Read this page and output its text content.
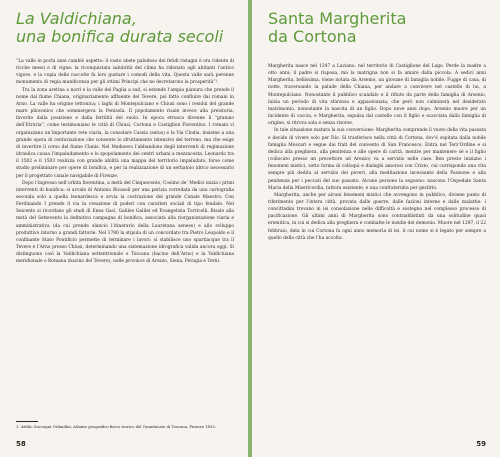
La Valdichiana,
una bonifica durata secoli

“La valle in pochi anni cambiò aspetto: il vasto abete paludoso dei fetidi ristagni è ora ridente di ricche messi e di vigne: la riconquistata salubrità del clima ha ridonato agli abitanti l’antico vigore, e la copia delle raccolte fa loro gustare i comodi della vita. Questa valle sarà perenne monumento di regia munificenza per gli ottimi Principi che ne decretarono la prosperità”¹.

Tra la zona aretina a nord e la valle del Paglia a sud, si estende l’ampia pianura che prende il nome dal fiume Chiana, originariamente affluente del Tevere, poi fatto confluire dai romani in Arno. La valle ha origine tettonica; i laghi di Montepulciano e Chiusi sono i residui del grande mare pliocenico che sommergeva la Penisola. Il popolamento risale invece alla preistoria, favorito dalla posizione e dalla fertilità del suolo. In epoca etrusca divenne il “granaio dell’Etruria”, come testimoniano le città di Chiusi, Cortona e Castiglion Fiorentino. I romani vi organizzano un’importante rete viaria, la consolare Cassia (setus) e la Via Clodia, insieme a una grande opera di centuriazione che consente lo sfruttamento intensivo del terreno, ma che esige di invertire il corso del fiume Clanis. Nel Medioevo l’abbandono degli interventi di regimazione idraulica causa l’impaludamento e lo spopolamento dei centri urbani a mezzacosta. Leonardo tra il 1502 e il 1503 realizza con grande abilità una mappa del territorio impaludato, forse come studio preliminare per opere di bonifica, e per la realizzazione di un serbatoio idrico necessario per il progettato canale navigabile di Firenze.

Dopo l’ingresso nell’orbita fiorentina, a metà del Cinquecento, Cosimo de’ Medici inizia i primi interventi di bonifica: si avvale di Antonio Ricasoli per una perizia corredata da una cartografia seconda solo a quella leonardesca e avvia la costruzione del grande Canale Maestro. Con Ferdinando I prende il via la creazione di poderi con caratteri sociali di tipo feudale. Nel Seicento si ricordano gli studi di Enea Gaci, Galileo Galilei ed Evangelista Torricelli. Risale alla metà del Settecento la definitiva campagna di bonifica, associata alla riorganizzazione viaria e amministrativa (da cui prende slancio l’itinerario della Lauretana senese) e allo sviluppo produttivo intorno a grandi fattorie. Nel 1780 la stipula di un concordato tra Pietro Leopoldo e il confinante Stato Pontificio permette di terminare i lavori: si stabilisce uno spartiacque tra il Tevere e l’Arno presso Chiusi, determinando una sistemazione idrografica valida ancora oggi. Si distinguono così la Valdichiana settentrionale o Toscana (bacino dell’Arno) e la Valdichiana meridionale o Romana (bacino del Tevere), nelle province di Arezzo, Siena, Perugia e Terni.

1. Attilio Zuccagni Orlandini, Atlante geografico fisico storico del Granducato di Toscana, Firenze 1832.
58
Santa Margherita
da Cortona

Margherita nasce nel 1247 a Laviano, nel territorio di Castiglione del Lago. Perde la madre a otto anni; il padre si risposa, ma la matrigna non si fa amare dalla piccola. A sedici anni Margherita, bellissima, viene notata da Arsenio, un giovane di famiglia nobile. Fugge di casa, di notte, traversando la palude della Chiana, per andare a convivere nel castello di lui, a Montepulciano. Nonostante il pubblico scandalo e il rifiuto da parte della famiglia di Arsenio, inizia un periodo di vita sfarzosa e appassionata, che però non culminerà nel desiderato matrimonio, nonostante la nascita di un figlio. Dopo nove anni dopo, Arsenio muore per un incidente di caccia, e Margherita, espulsa dal castello con il figlio e scacciata dalla famiglia di origine, si ritrova sola e senza risorse.

In tale situazione matura la sua conversione: Margherita comprende il vuoto della vita passata e decide di vivere solo per Dio. Si trasferisce nella città di Cortona, dov’è ospitata dalla nobile famiglia Moscari e segue dai frati del convento di San Francesco. Entra nel Terz’Ordine e si dedica alla preghiera, alla penitenza e alle opere di carità, mentre per mantenere sé e il figlio (collocato presso un precettore ad Arezzo) va a servizio nelle case. Ben presto iniziano i fenomeni mistici, sotto forma di colloqui e dialoghi amorosi con Cristo, cui corrisponde una vita sempre più dedita al servizio dei poveri, alla meditazione incessante della Passione e alla penitenza per i peccati del suo passato. Alcune persone la seguono: nascono l’Ospedale Santa Maria della Misericordia, tuttora esistente, e una confraternita per gestirlo.

Margherita, anche per alcuni fenomeni mistici che avvengono in pubblico, diviene punto di riferimento per l’intera città, provata dalle guerre, dalle fazioni interne e dalle malattie: i concittadini trovano in lei consolazione nelle difficoltà e sostegno nel complesso processo di pacificazione. Gli ultimi anni di Margherita sono contraddistinti da una solitudine quasi eremitica, in cui si dedica alla preghiera e combatte le insidie del demonio. Muore nel 1297, il 22 febbraio, data in cui Cortona fa ogni anno memoria di lei, il cui nome si è legato per sempre a quello della città che l’ha accolta.

59
